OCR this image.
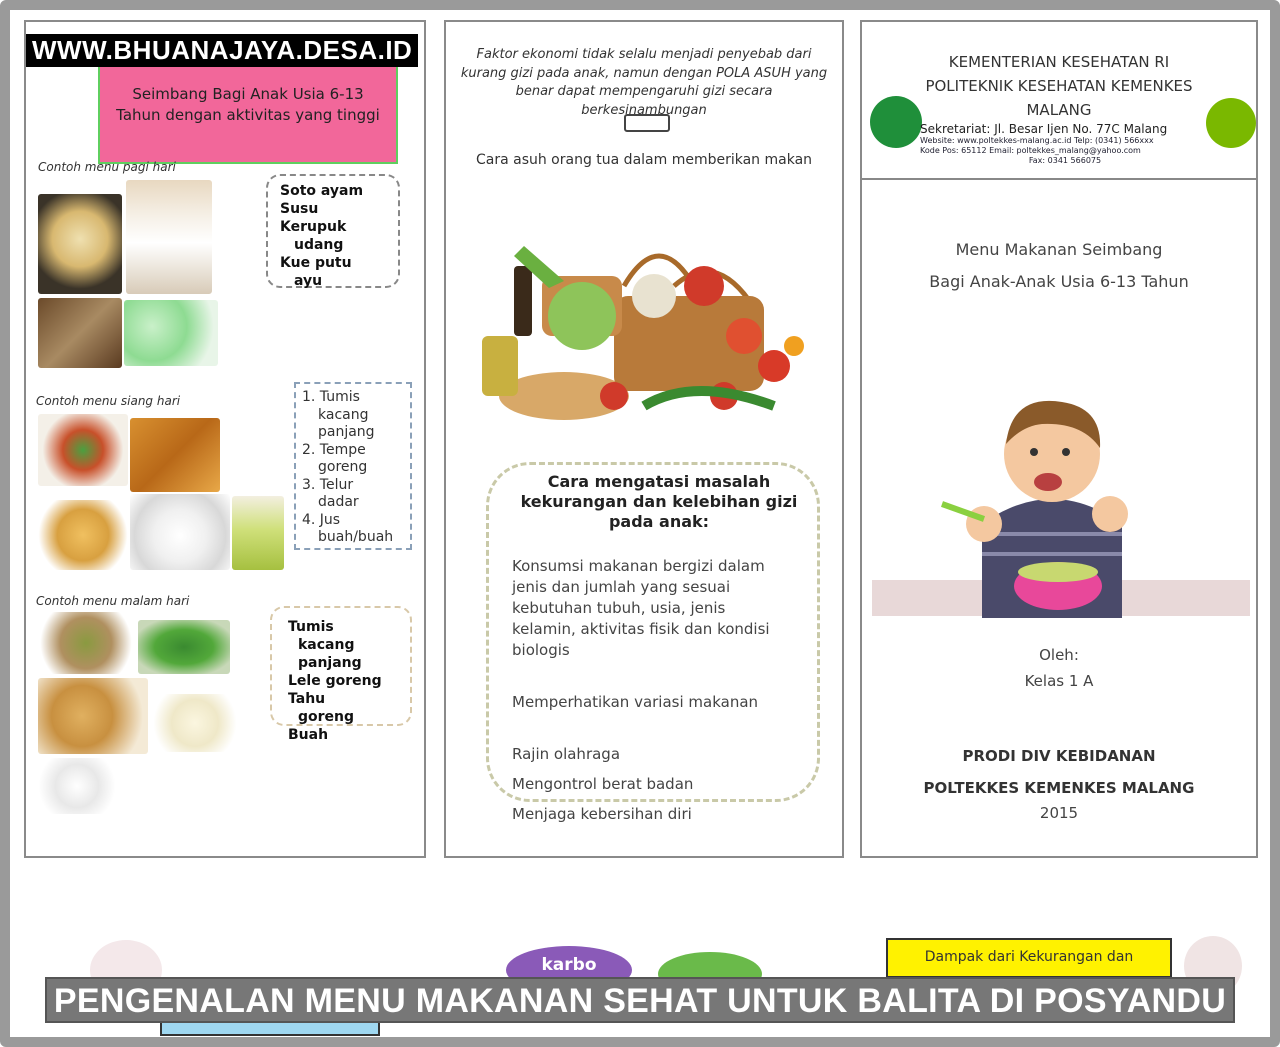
Seimbang Bagi Anak Usia 6-13 Tahun dengan aktivitas yang tinggi
Contoh menu pagi hari
Soto ayam
Susu
Kerupuk
udang
Kue putu
ayu
Contoh menu siang hari	1. Tumis
kacang
panjang
2. Tempe
goreng
3. Telur
dadar
4. Jus
buah/buah
Contoh menu malam hari
Tumis
kacang
panjang
Lele goreng
Tahu
goreng
Buah
WWW.BHUANAJAYA.DESA.ID	Faktor ekonomi tidak selalu menjadi penyebab dari kurang gizi pada anak, namun dengan POLA ASUH yang benar dapat mempengaruhi gizi secara berkesinambungan
Cara asuh orang tua dalam memberikan makan
Cara mengatasi masalah kekurangan dan kelebihan gizi pada anak:
Konsumsi makanan bergizi dalam jenis dan jumlah yang sesuai kebutuhan tubuh, usia, jenis kelamin, aktivitas fisik dan kondisi biologis
Memperhatikan variasi makanan
Rajin olahraga
Mengontrol berat badan
Menjaga kebersihan diri
KEMENTERIAN KESEHATAN RI
POLITEKNIK KESEHATAN KEMENKES
MALANG
Sekretariat: Jl. Besar Ijen No. 77C Malang
Website: www.poltekkes-malang.ac.id Telp: (0341) 566xxx
Kode Pos: 65112 Email: poltekkes_malang@yahoo.com
Fax: 0341 566075
Menu Makanan Seimbang
Bagi Anak-Anak Usia 6-13 Tahun
Oleh:
Kelas 1 A
PRODI DIV KEBIDANAN
POLTEKKES KEMENKES MALANG
2015
karbo	Dampak dari Kekurangan dan
PENGENALAN MENU MAKANAN SEHAT UNTUK BALITA DI POSYANDU
